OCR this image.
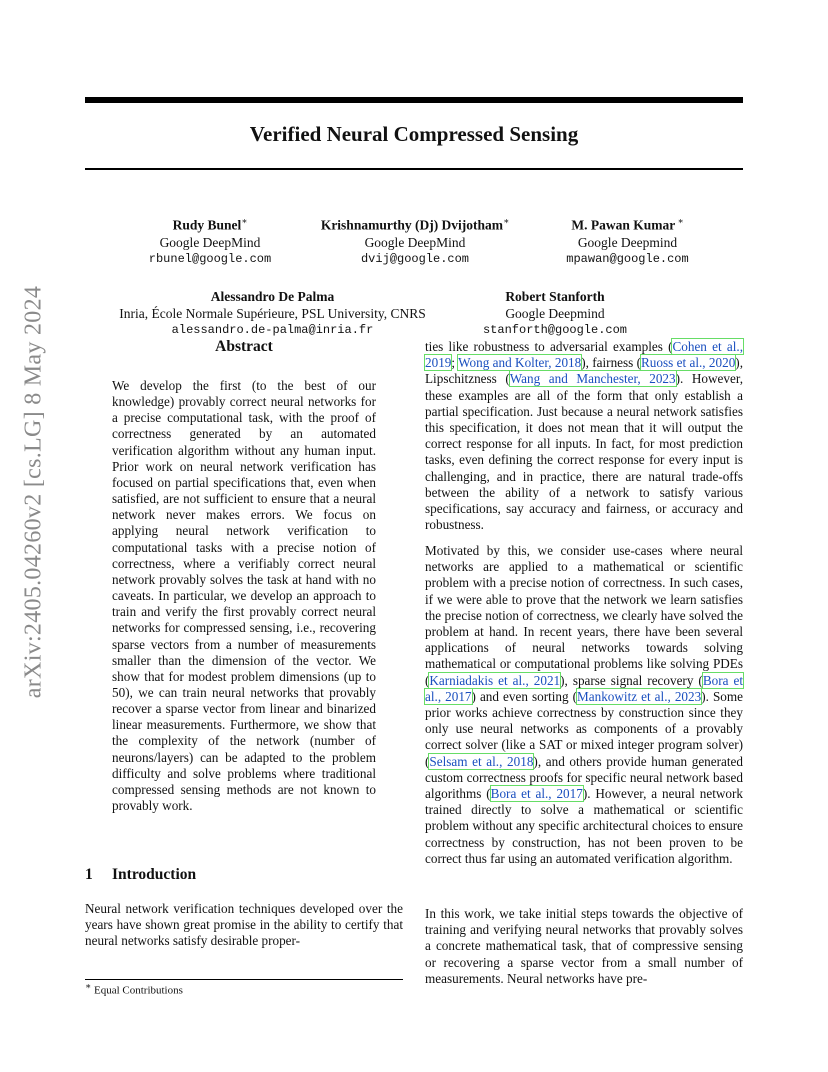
arXiv:2405.04260v2 [cs.LG] 8 May 2024
Verified Neural Compressed Sensing
Rudy Bunel∗
Google DeepMind
rbunel@google.com
Krishnamurthy (Dj) Dvijotham∗
Google DeepMind
dvij@google.com
M. Pawan Kumar ∗
Google Deepmind
mpawan@google.com
Alessandro De Palma
Inria, École Normale Supérieure, PSL University, CNRS
alessandro.de-palma@inria.fr
Robert Stanforth
Google Deepmind
stanforth@google.com
Abstract
We develop the first (to the best of our knowledge) provably correct neural networks for a precise computational task, with the proof of correctness generated by an automated verification algorithm without any human input. Prior work on neural network verification has focused on partial specifications that, even when satisfied, are not sufficient to ensure that a neural network never makes errors. We focus on applying neural network verification to computational tasks with a precise notion of correctness, where a verifiably correct neural network provably solves the task at hand with no caveats. In particular, we develop an approach to train and verify the first provably correct neural networks for compressed sensing, i.e., recovering sparse vectors from a number of measurements smaller than the dimension of the vector. We show that for modest problem dimensions (up to 50), we can train neural networks that provably recover a sparse vector from linear and binarized linear measurements. Furthermore, we show that the complexity of the network (number of neurons/layers) can be adapted to the problem difficulty and solve problems where traditional compressed sensing methods are not known to provably work.
1 Introduction
Neural network verification techniques developed over the years have shown great promise in the ability to certify that neural networks satisfy desirable proper-
∗ Equal Contributions
ties like robustness to adversarial examples (Cohen et al., 2019; Wong and Kolter, 2018), fairness (Ruoss et al., 2020), Lipschitzness (Wang and Manchester, 2023). However, these examples are all of the form that only establish a partial specification. Just because a neural network satisfies this specification, it does not mean that it will output the correct response for all inputs. In fact, for most prediction tasks, even defining the correct response for every input is challenging, and in practice, there are natural trade-offs between the ability of a network to satisfy various specifications, say accuracy and fairness, or accuracy and robustness.
Motivated by this, we consider use-cases where neural networks are applied to a mathematical or scientific problem with a precise notion of correctness. In such cases, if we were able to prove that the network we learn satisfies the precise notion of correctness, we clearly have solved the problem at hand. In recent years, there have been several applications of neural networks towards solving mathematical or computational problems like solving PDEs (Karniadakis et al., 2021), sparse signal recovery (Bora et al., 2017) and even sorting (Mankowitz et al., 2023). Some prior works achieve correctness by construction since they only use neural networks as components of a provably correct solver (like a SAT or mixed integer program solver) (Selsam et al., 2018), and others provide human generated custom correctness proofs for specific neural network based algorithms (Bora et al., 2017). However, a neural network trained directly to solve a mathematical or scientific problem without any specific architectural choices to ensure correctness by construction, has not been proven to be correct thus far using an automated verification algorithm.
In this work, we take initial steps towards the objective of training and verifying neural networks that provably solves a concrete mathematical task, that of compressive sensing or recovering a sparse vector from a small number of measurements. Neural networks have pre-
